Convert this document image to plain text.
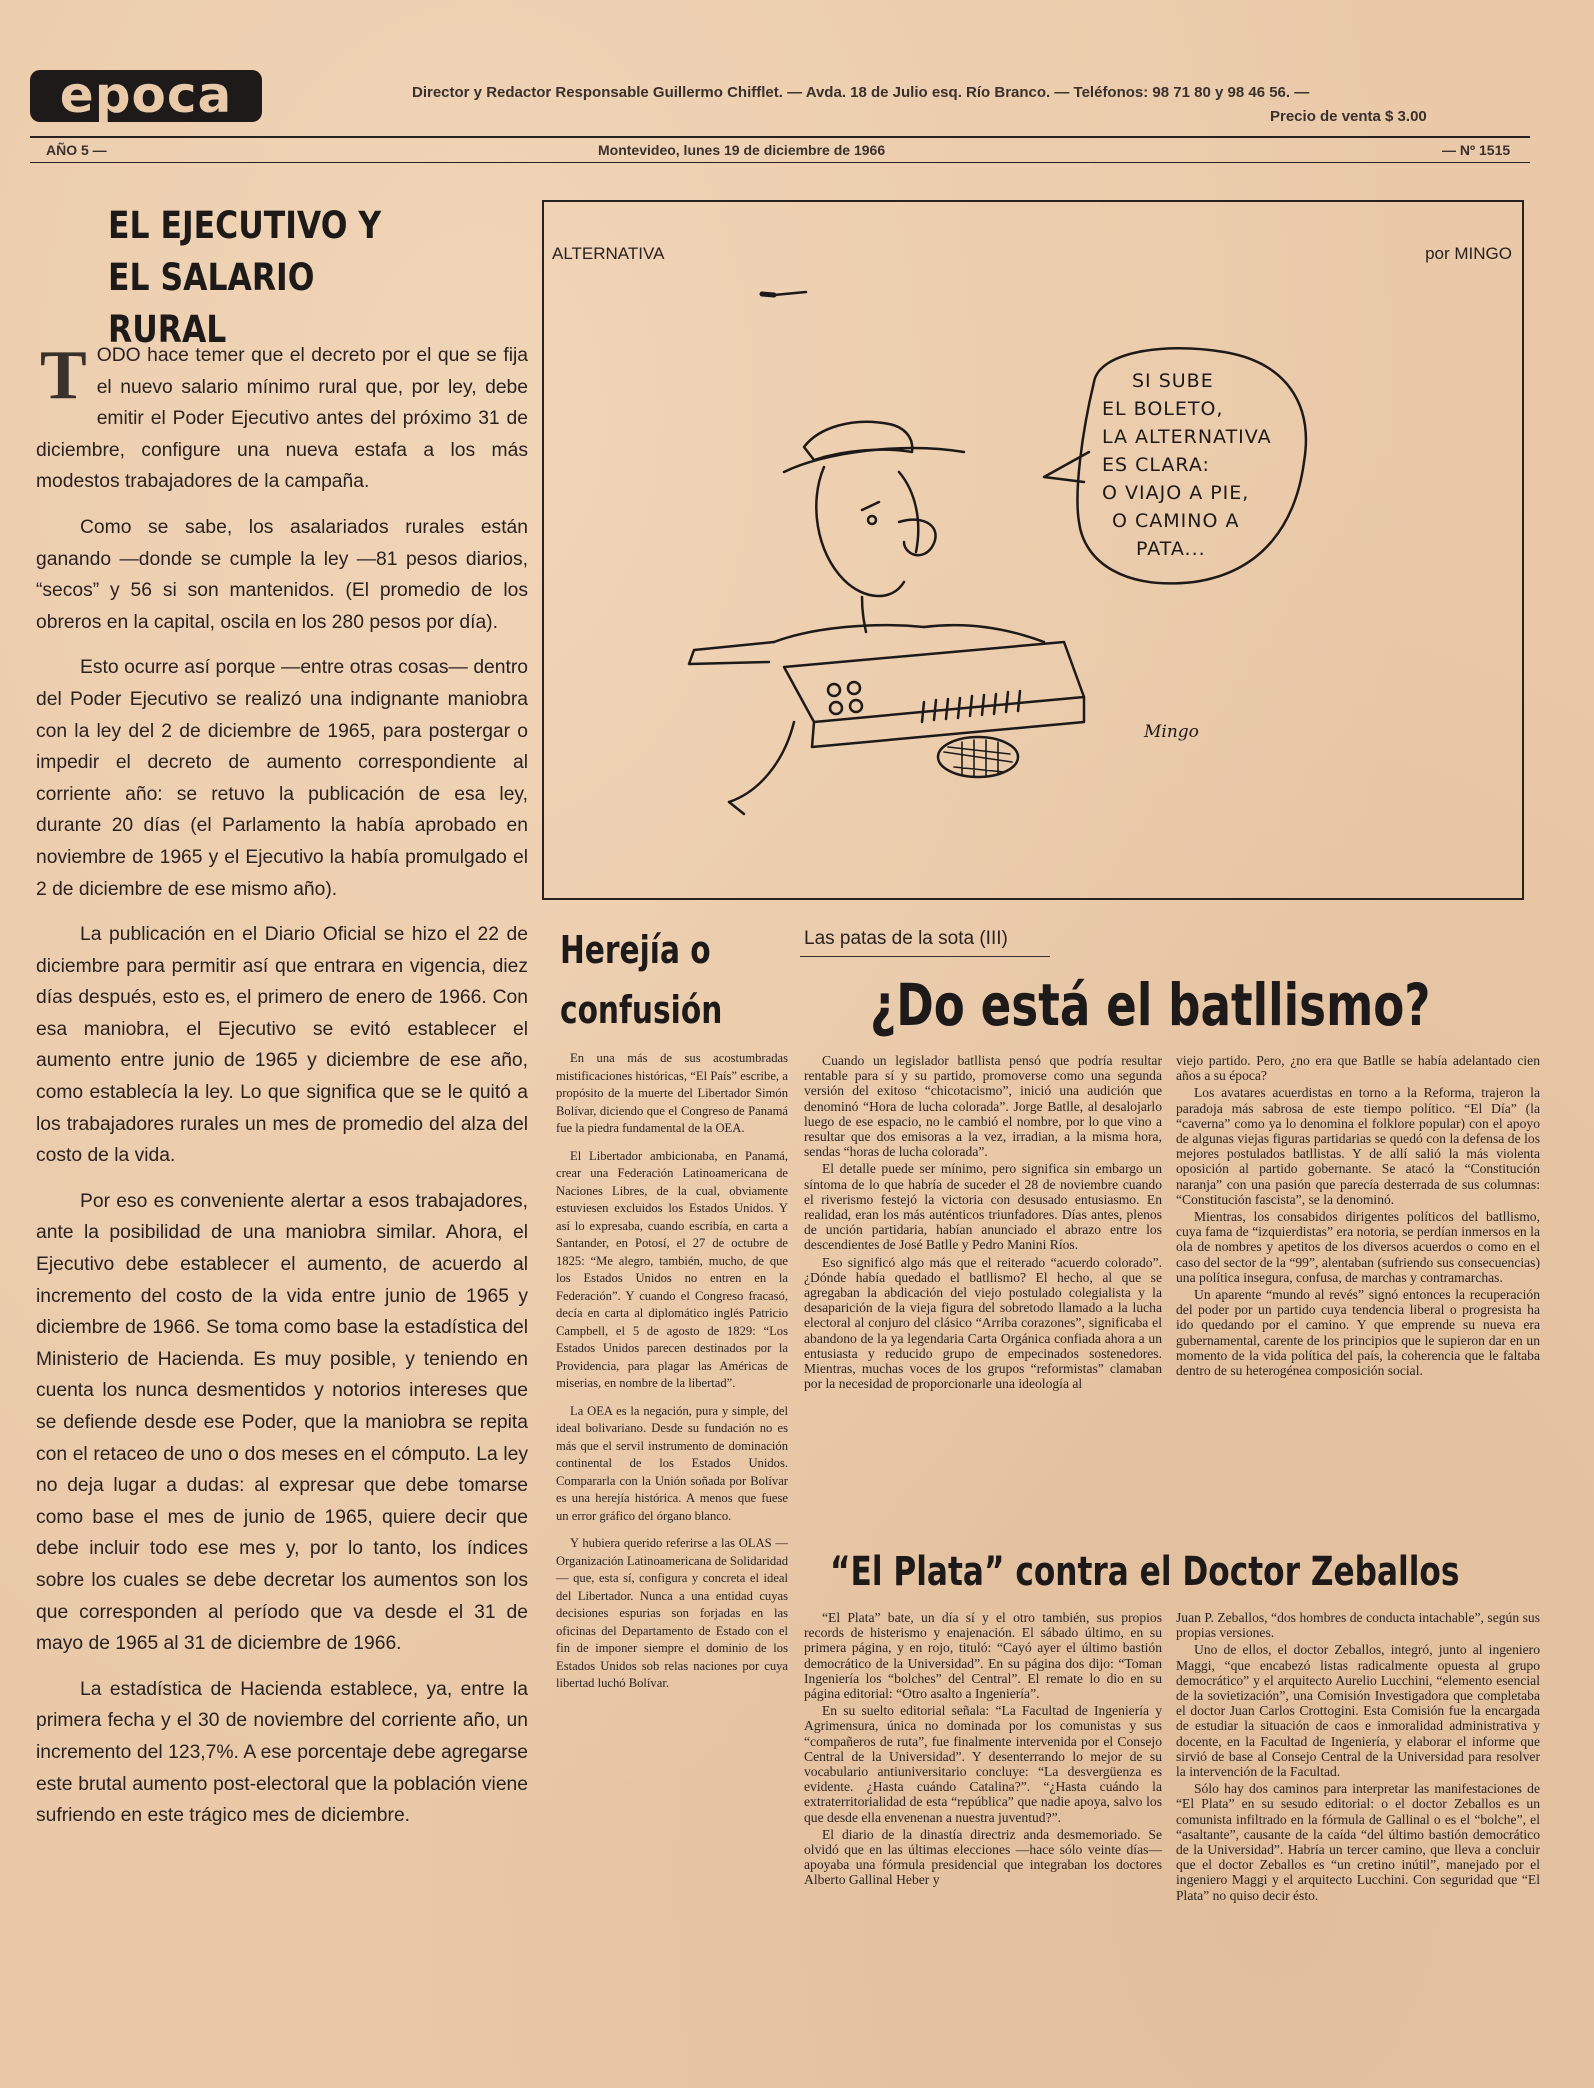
epoca	Director y Redactor Responsable Guillermo Chifflet. — Avda. 18 de Julio esq. Río Branco. — Teléfonos: 98 71 80 y 98 46 56. —
Precio de venta $ 3.00
AÑO 5 —	Montevideo, lunes 19 de diciembre de 1966	— Nº 1515
EL EJECUTIVO Y
EL SALARIO RURAL

TODO hace temer que el decreto por el que se fija el nuevo salario mínimo rural que, por ley, debe emitir el Poder Ejecutivo antes del próximo 31 de diciembre, configure una nueva estafa a los más modestos trabajadores de la campaña.

Como se sabe, los asalariados rurales están ganando —donde se cumple la ley —81 pesos diarios, “secos” y 56 si son mantenidos. (El promedio de los obreros en la capital, oscila en los 280 pesos por día).

Esto ocurre así porque —entre otras cosas— dentro del Poder Ejecutivo se realizó una indignante maniobra con la ley del 2 de diciembre de 1965, para postergar o impedir el decreto de aumento correspondiente al corriente año: se retuvo la publicación de esa ley, durante 20 días (el Parlamento la había aprobado en noviembre de 1965 y el Ejecutivo la había promulgado el 2 de diciembre de ese mismo año).

La publicación en el Diario Oficial se hizo el 22 de diciembre para permitir así que entrara en vigencia, diez días después, esto es, el primero de enero de 1966. Con esa maniobra, el Ejecutivo se evitó establecer el aumento entre junio de 1965 y diciembre de ese año, como establecía la ley. Lo que significa que se le quitó a los trabajadores rurales un mes de promedio del alza del costo de la vida.

Por eso es conveniente alertar a esos trabajadores, ante la posibilidad de una maniobra similar. Ahora, el Ejecutivo debe establecer el aumento, de acuerdo al incremento del costo de la vida entre junio de 1965 y diciembre de 1966. Se toma como base la estadística del Ministerio de Hacienda. Es muy posible, y teniendo en cuenta los nunca desmentidos y notorios intereses que se defiende desde ese Poder, que la maniobra se repita con el retaceo de uno o dos meses en el cómputo. La ley no deja lugar a dudas: al expresar que debe tomarse como base el mes de junio de 1965, quiere decir que debe incluir todo ese mes y, por lo tanto, los índices sobre los cuales se debe decretar los aumentos son los que corresponden al período que va desde el 31 de mayo de 1965 al 31 de diciembre de 1966.

La estadística de Hacienda establece, ya, entre la primera fecha y el 30 de noviembre del corriente año, un incremento del 123,7%. A ese porcentaje debe agregarse este brutal aumento post-electoral que la población viene sufriendo en este trágico mes de diciembre.

ALTERNATIVA	por MINGO
SI SUBE
EL BOLETO,
LA ALTERNATIVA
ES CLARA:
O VIAJO A PIE,
O CAMINO A
PATA...
Mingo
Herejía o
confusión

En una más de sus acostumbradas mistificaciones históricas, “El País” escribe, a propósito de la muerte del Libertador Simón Bolívar, diciendo que el Congreso de Panamá fue la piedra fundamental de la OEA.

El Libertador ambicionaba, en Panamá, crear una Federación Latinoamericana de Naciones Libres, de la cual, obviamente estuviesen excluidos los Estados Unidos. Y así lo expresaba, cuando escribía, en carta a Santander, en Potosí, el 27 de octubre de 1825: “Me alegro, también, mucho, de que los Estados Unidos no entren en la Federación”. Y cuando el Congreso fracasó, decía en carta al diplomático inglés Patricio Campbell, el 5 de agosto de 1829: “Los Estados Unidos parecen destinados por la Providencia, para plagar las Américas de miserias, en nombre de la libertad”.

La OEA es la negación, pura y simple, del ideal bolivariano. Desde su fundación no es más que el servil instrumento de dominación continental de los Estados Unidos. Compararla con la Unión soñada por Bolívar es una herejía histórica. A menos que fuese un error gráfico del órgano blanco.

Y hubiera querido referirse a las OLAS —Organización Latinoamericana de Solidaridad— que, esta sí, configura y concreta el ideal del Libertador. Nunca a una entidad cuyas decisiones espurias son forjadas en las oficinas del Departamento de Estado con el fin de imponer siempre el dominio de los Estados Unidos sob relas naciones por cuya libertad luchó Bolívar.

Las patas de la sota (III)
¿Do está el batllismo?

Cuando un legislador batllista pensó que podría resultar rentable para sí y su partido, promoverse como una segunda versión del exitoso “chicotacismo”, inició una audición que denominó “Hora de lucha colorada”. Jorge Batlle, al desalojarlo luego de ese espacio, no le cambió el nombre, por lo que vino a resultar que dos emisoras a la vez, irradian, a la misma hora, sendas “horas de lucha colorada”.

El detalle puede ser mínimo, pero significa sin embargo un síntoma de lo que habría de suceder el 28 de noviembre cuando el riverismo festejó la victoria con desusado entusiasmo. En realidad, eran los más auténticos triunfadores. Días antes, plenos de unción partidaria, habían anunciado el abrazo entre los descendientes de José Batlle y Pedro Manini Ríos.

Eso significó algo más que el reiterado “acuerdo colorado”. ¿Dónde había quedado el batllismo? El hecho, al que se agregaban la abdicación del viejo postulado colegialista y la desaparición de la vieja figura del sobretodo llamado a la lucha electoral al conjuro del clásico “Arriba corazones”, significaba el abandono de la ya legendaria Carta Orgánica confiada ahora a un entusiasta y reducido grupo de empecinados sostenedores. Mientras, muchas voces de los grupos “reformistas” clamaban por la necesidad de proporcionarle una ideología al

viejo partido. Pero, ¿no era que Batlle se había adelantado cien años a su época?

Los avatares acuerdistas en torno a la Reforma, trajeron la paradoja más sabrosa de este tiempo político. “El Día” (la “caverna” como ya lo denomina el folklore popular) con el apoyo de algunas viejas figuras partidarias se quedó con la defensa de los mejores postulados batllistas. Y de allí salió la más violenta oposición al partido gobernante. Se atacó la “Constitución naranja” con una pasión que parecía desterrada de sus columnas: “Constitución fascista”, se la denominó.

Mientras, los consabidos dirigentes políticos del batllismo, cuya fama de “izquierdistas” era notoria, se perdían inmersos en la ola de nombres y apetitos de los diversos acuerdos o como en el caso del sector de la “99”, alentaban (sufriendo sus consecuencias) una política insegura, confusa, de marchas y contramarchas.

Un aparente “mundo al revés” signó entonces la recuperación del poder por un partido cuya tendencia liberal o progresista ha ido quedando por el camino. Y que emprende su nueva era gubernamental, carente de los principios que le supieron dar en un momento de la vida política del país, la coherencia que le faltaba dentro de su heterogénea composición social.

“El Plata” contra el Doctor Zeballos

“El Plata” bate, un día sí y el otro también, sus propios records de histerismo y enajenación. El sábado último, en su primera página, y en rojo, tituló: “Cayó ayer el último bastión democrático de la Universidad”. En su página dos dijo: “Toman Ingeniería los “bolches” del Central”. El remate lo dio en su página editorial: “Otro asalto a Ingeniería”.

En su suelto editorial señala: “La Facultad de Ingeniería y Agrimensura, única no dominada por los comunistas y sus “compañeros de ruta”, fue finalmente intervenida por el Consejo Central de la Universidad”. Y desenterrando lo mejor de su vocabulario antiuniversitario concluye: “La desvergüenza es evidente. ¿Hasta cuándo Catalina?”. “¿Hasta cuándo la extraterritorialidad de esta “república” que nadie apoya, salvo los que desde ella envenenan a nuestra juventud?”.

El diario de la dinastía directriz anda desmemoriado. Se olvidó que en las últimas elecciones —hace sólo veinte días— apoyaba una fórmula presidencial que integraban los doctores Alberto Gallinal Heber y

Juan P. Zeballos, “dos hombres de conducta intachable”, según sus propias versiones.

Uno de ellos, el doctor Zeballos, integró, junto al ingeniero Maggi, “que encabezó listas radicalmente opuesta al grupo democrático” y el arquitecto Aurelio Lucchini, “elemento esencial de la sovietización”, una Comisión Investigadora que completaba el doctor Juan Carlos Crottogini. Esta Comisión fue la encargada de estudiar la situación de caos e inmoralidad administrativa y docente, en la Facultad de Ingeniería, y elaborar el informe que sirvió de base al Consejo Central de la Universidad para resolver la intervención de la Facultad.

Sólo hay dos caminos para interpretar las manifestaciones de “El Plata” en su sesudo editorial: o el doctor Zeballos es un comunista infiltrado en la fórmula de Gallinal o es el “bolche”, el “asaltante”, causante de la caída “del último bastión democrático de la Universidad”. Habría un tercer camino, que lleva a concluir que el doctor Zeballos es “un cretino inútil”, manejado por el ingeniero Maggi y el arquitecto Lucchini. Con seguridad que “El Plata” no quiso decir ésto.
